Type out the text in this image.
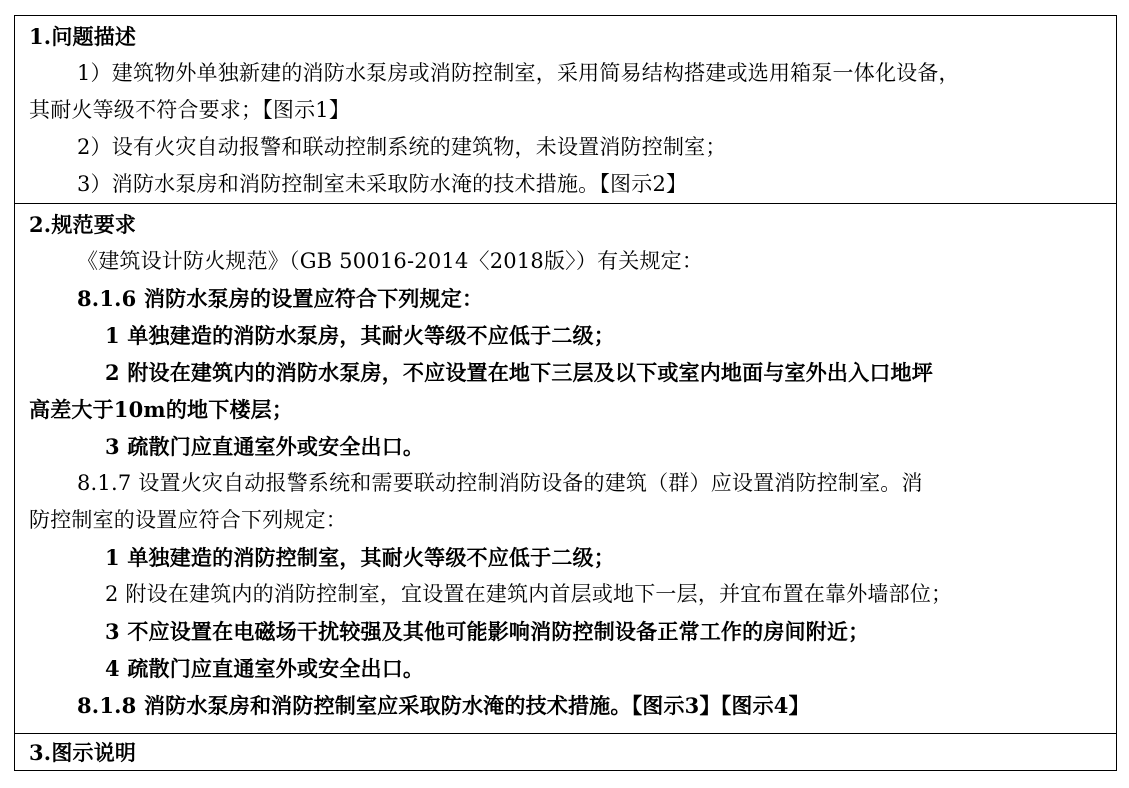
1.问题描述
1）建筑物外单独新建的消防水泵房或消防控制室，采用简易结构搭建或选用箱泵一体化设备，
其耐火等级不符合要求；【图示1】
2）设有火灾自动报警和联动控制系统的建筑物，未设置消防控制室；
3）消防水泵房和消防控制室未采取防水淹的技术措施。【图示2】
2.规范要求
《建筑设计防火规范》（GB 50016-2014〈2018版〉）有关规定：
8.1.6 消防水泵房的设置应符合下列规定：
1 单独建造的消防水泵房，其耐火等级不应低于二级；
2 附设在建筑内的消防水泵房，不应设置在地下三层及以下或室内地面与室外出入口地坪
高差大于10m的地下楼层；
3 疏散门应直通室外或安全出口。
8.1.7 设置火灾自动报警系统和需要联动控制消防设备的建筑（群）应设置消防控制室。消
防控制室的设置应符合下列规定：
1 单独建造的消防控制室，其耐火等级不应低于二级；
2 附设在建筑内的消防控制室，宜设置在建筑内首层或地下一层，并宜布置在靠外墙部位；
3 不应设置在电磁场干扰较强及其他可能影响消防控制设备正常工作的房间附近；
4 疏散门应直通室外或安全出口。
8.1.8 消防水泵房和消防控制室应采取防水淹的技术措施。【图示3】【图示4】
3.图示说明
